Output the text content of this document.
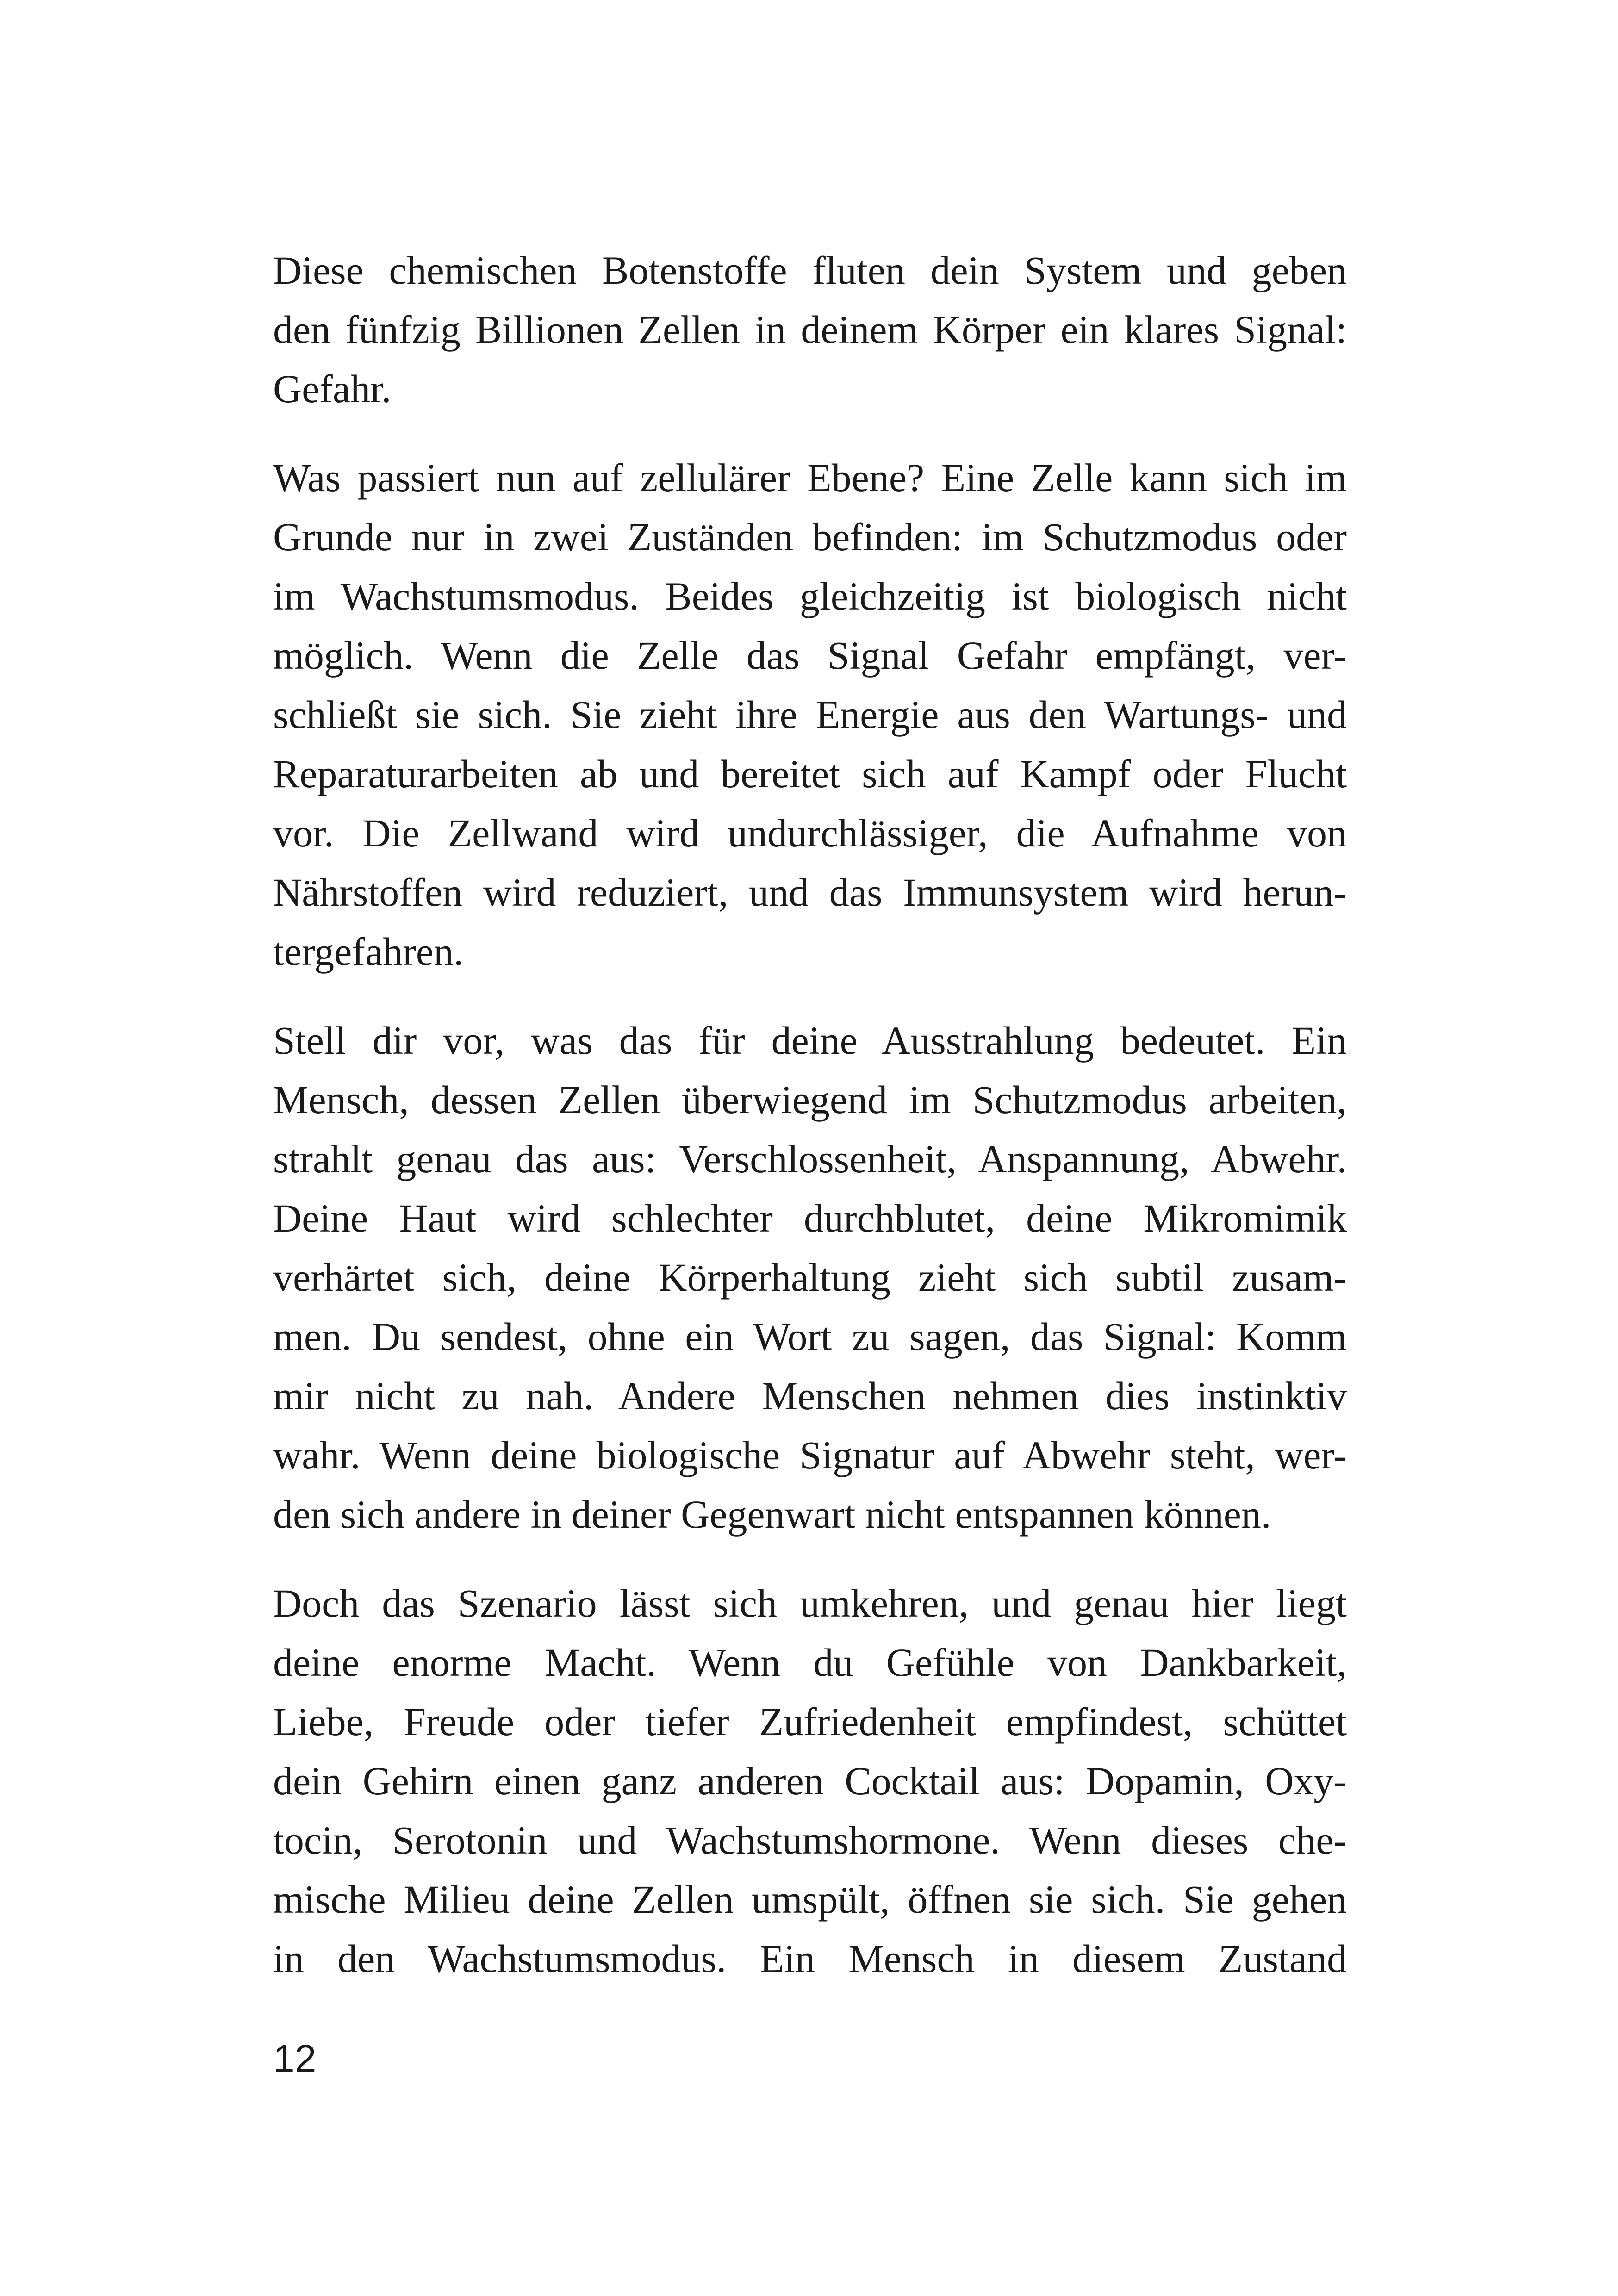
Diese chemischen Botenstoffe fluten dein System und geben
den fünfzig Billionen Zellen in deinem Körper ein klares Signal:
Gefahr.

Was passiert nun auf zellulärer Ebene? Eine Zelle kann sich im
Grunde nur in zwei Zuständen befinden: im Schutzmodus oder
im Wachstumsmodus. Beides gleichzeitig ist biologisch nicht
möglich. Wenn die Zelle das Signal Gefahr empfängt, ver-
schließt sie sich. Sie zieht ihre Energie aus den Wartungs- und
Reparaturarbeiten ab und bereitet sich auf Kampf oder Flucht
vor. Die Zellwand wird undurchlässiger, die Aufnahme von
Nährstoffen wird reduziert, und das Immunsystem wird herun-
tergefahren.

Stell dir vor, was das für deine Ausstrahlung bedeutet. Ein
Mensch, dessen Zellen überwiegend im Schutzmodus arbeiten,
strahlt genau das aus: Verschlossenheit, Anspannung, Abwehr.
Deine Haut wird schlechter durchblutet, deine Mikromimik
verhärtet sich, deine Körperhaltung zieht sich subtil zusam-
men. Du sendest, ohne ein Wort zu sagen, das Signal: Komm
mir nicht zu nah. Andere Menschen nehmen dies instinktiv
wahr. Wenn deine biologische Signatur auf Abwehr steht, wer-
den sich andere in deiner Gegenwart nicht entspannen können.

Doch das Szenario lässt sich umkehren, und genau hier liegt
deine enorme Macht. Wenn du Gefühle von Dankbarkeit,
Liebe, Freude oder tiefer Zufriedenheit empfindest, schüttet
dein Gehirn einen ganz anderen Cocktail aus: Dopamin, Oxy-
tocin, Serotonin und Wachstumshormone. Wenn dieses che-
mische Milieu deine Zellen umspült, öffnen sie sich. Sie gehen
in den Wachstumsmodus. Ein Mensch in diesem Zustand

12
